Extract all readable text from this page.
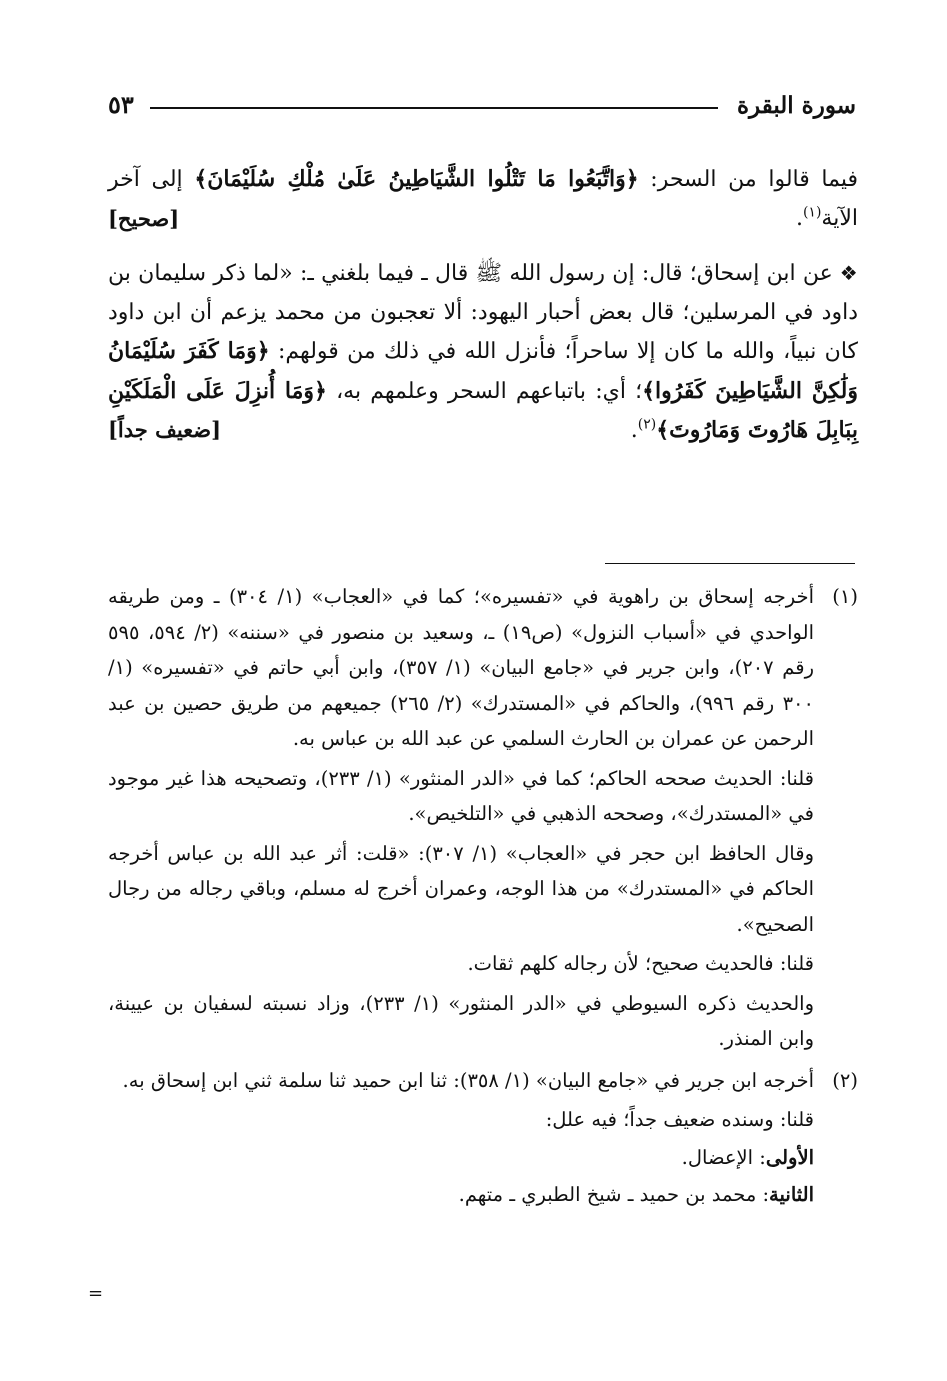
سورة البقرة
٥٣

فيما قالوا من السحر: ﴿وَاتَّبَعُوا مَا تَتْلُوا الشَّيَاطِينُ عَلَىٰ مُلْكِ سُلَيْمَانَ﴾ إلى آخر الآية$^{(١)}$.
[صحيح]

❖ عن ابن إسحاق؛ قال: إن رسول الله ﷺ قال ـ فيما بلغني ـ: «لما ذكر سليمان بن داود في المرسلين؛ قال بعض أحبار اليهود: ألا تعجبون من محمد يزعم أن ابن داود كان نبياً، والله ما كان إلا ساحراً؛ فأنزل الله في ذلك من قولهم: ﴿وَمَا كَفَرَ سُلَيْمَانُ وَلَٰكِنَّ الشَّيَاطِينَ كَفَرُوا﴾؛ أي: باتباعهم السحر وعلمهم به، ﴿وَمَا أُنزِلَ عَلَى الْمَلَكَيْنِ بِبَابِلَ هَارُوتَ وَمَارُوتَ﴾$^{(٢)}$.
[ضعيف جداً]

(١)

أخرجه إسحاق بن راهوية في «تفسيره»؛ كما في «العجاب» (١/ ٣٠٤) ـ ومن طريقه الواحدي في «أسباب النزول» (ص١٩) ـ، وسعيد بن منصور في «سننه» (٢/ ٥٩٤، ٥٩٥ رقم ٢٠٧)، وابن جرير في «جامع البيان» (١/ ٣٥٧)، وابن أبي حاتم في «تفسيره» (١/ ٣٠٠ رقم ٩٩٦)، والحاكم في «المستدرك» (٢/ ٢٦٥) جميعهم من طريق حصين بن عبد الرحمن عن عمران بن الحارث السلمي عن عبد الله بن عباس به.

قلنا: الحديث صححه الحاكم؛ كما في «الدر المنثور» (١/ ٢٣٣)، وتصحيحه هذا غير موجود في «المستدرك»، وصححه الذهبي في «التلخيص».

وقال الحافظ ابن حجر في «العجاب» (١/ ٣٠٧): «قلت: أثر عبد الله بن عباس أخرجه الحاكم في «المستدرك» من هذا الوجه، وعمران أخرج له مسلم، وباقي رجاله من رجال الصحيح».

قلنا: فالحديث صحيح؛ لأن رجاله كلهم ثقات.

والحديث ذكره السيوطي في «الدر المنثور» (١/ ٢٣٣)، وزاد نسبته لسفيان بن عيينة، وابن المنذر.

(٢)

أخرجه ابن جرير في «جامع البيان» (١/ ٣٥٨): ثنا ابن حميد ثنا سلمة ثني ابن إسحاق به.

قلنا: وسنده ضعيف جداً؛ فيه علل:

الأولى: الإعضال.

الثانية: محمد بن حميد ـ شيخ الطبري ـ متهم.

=
